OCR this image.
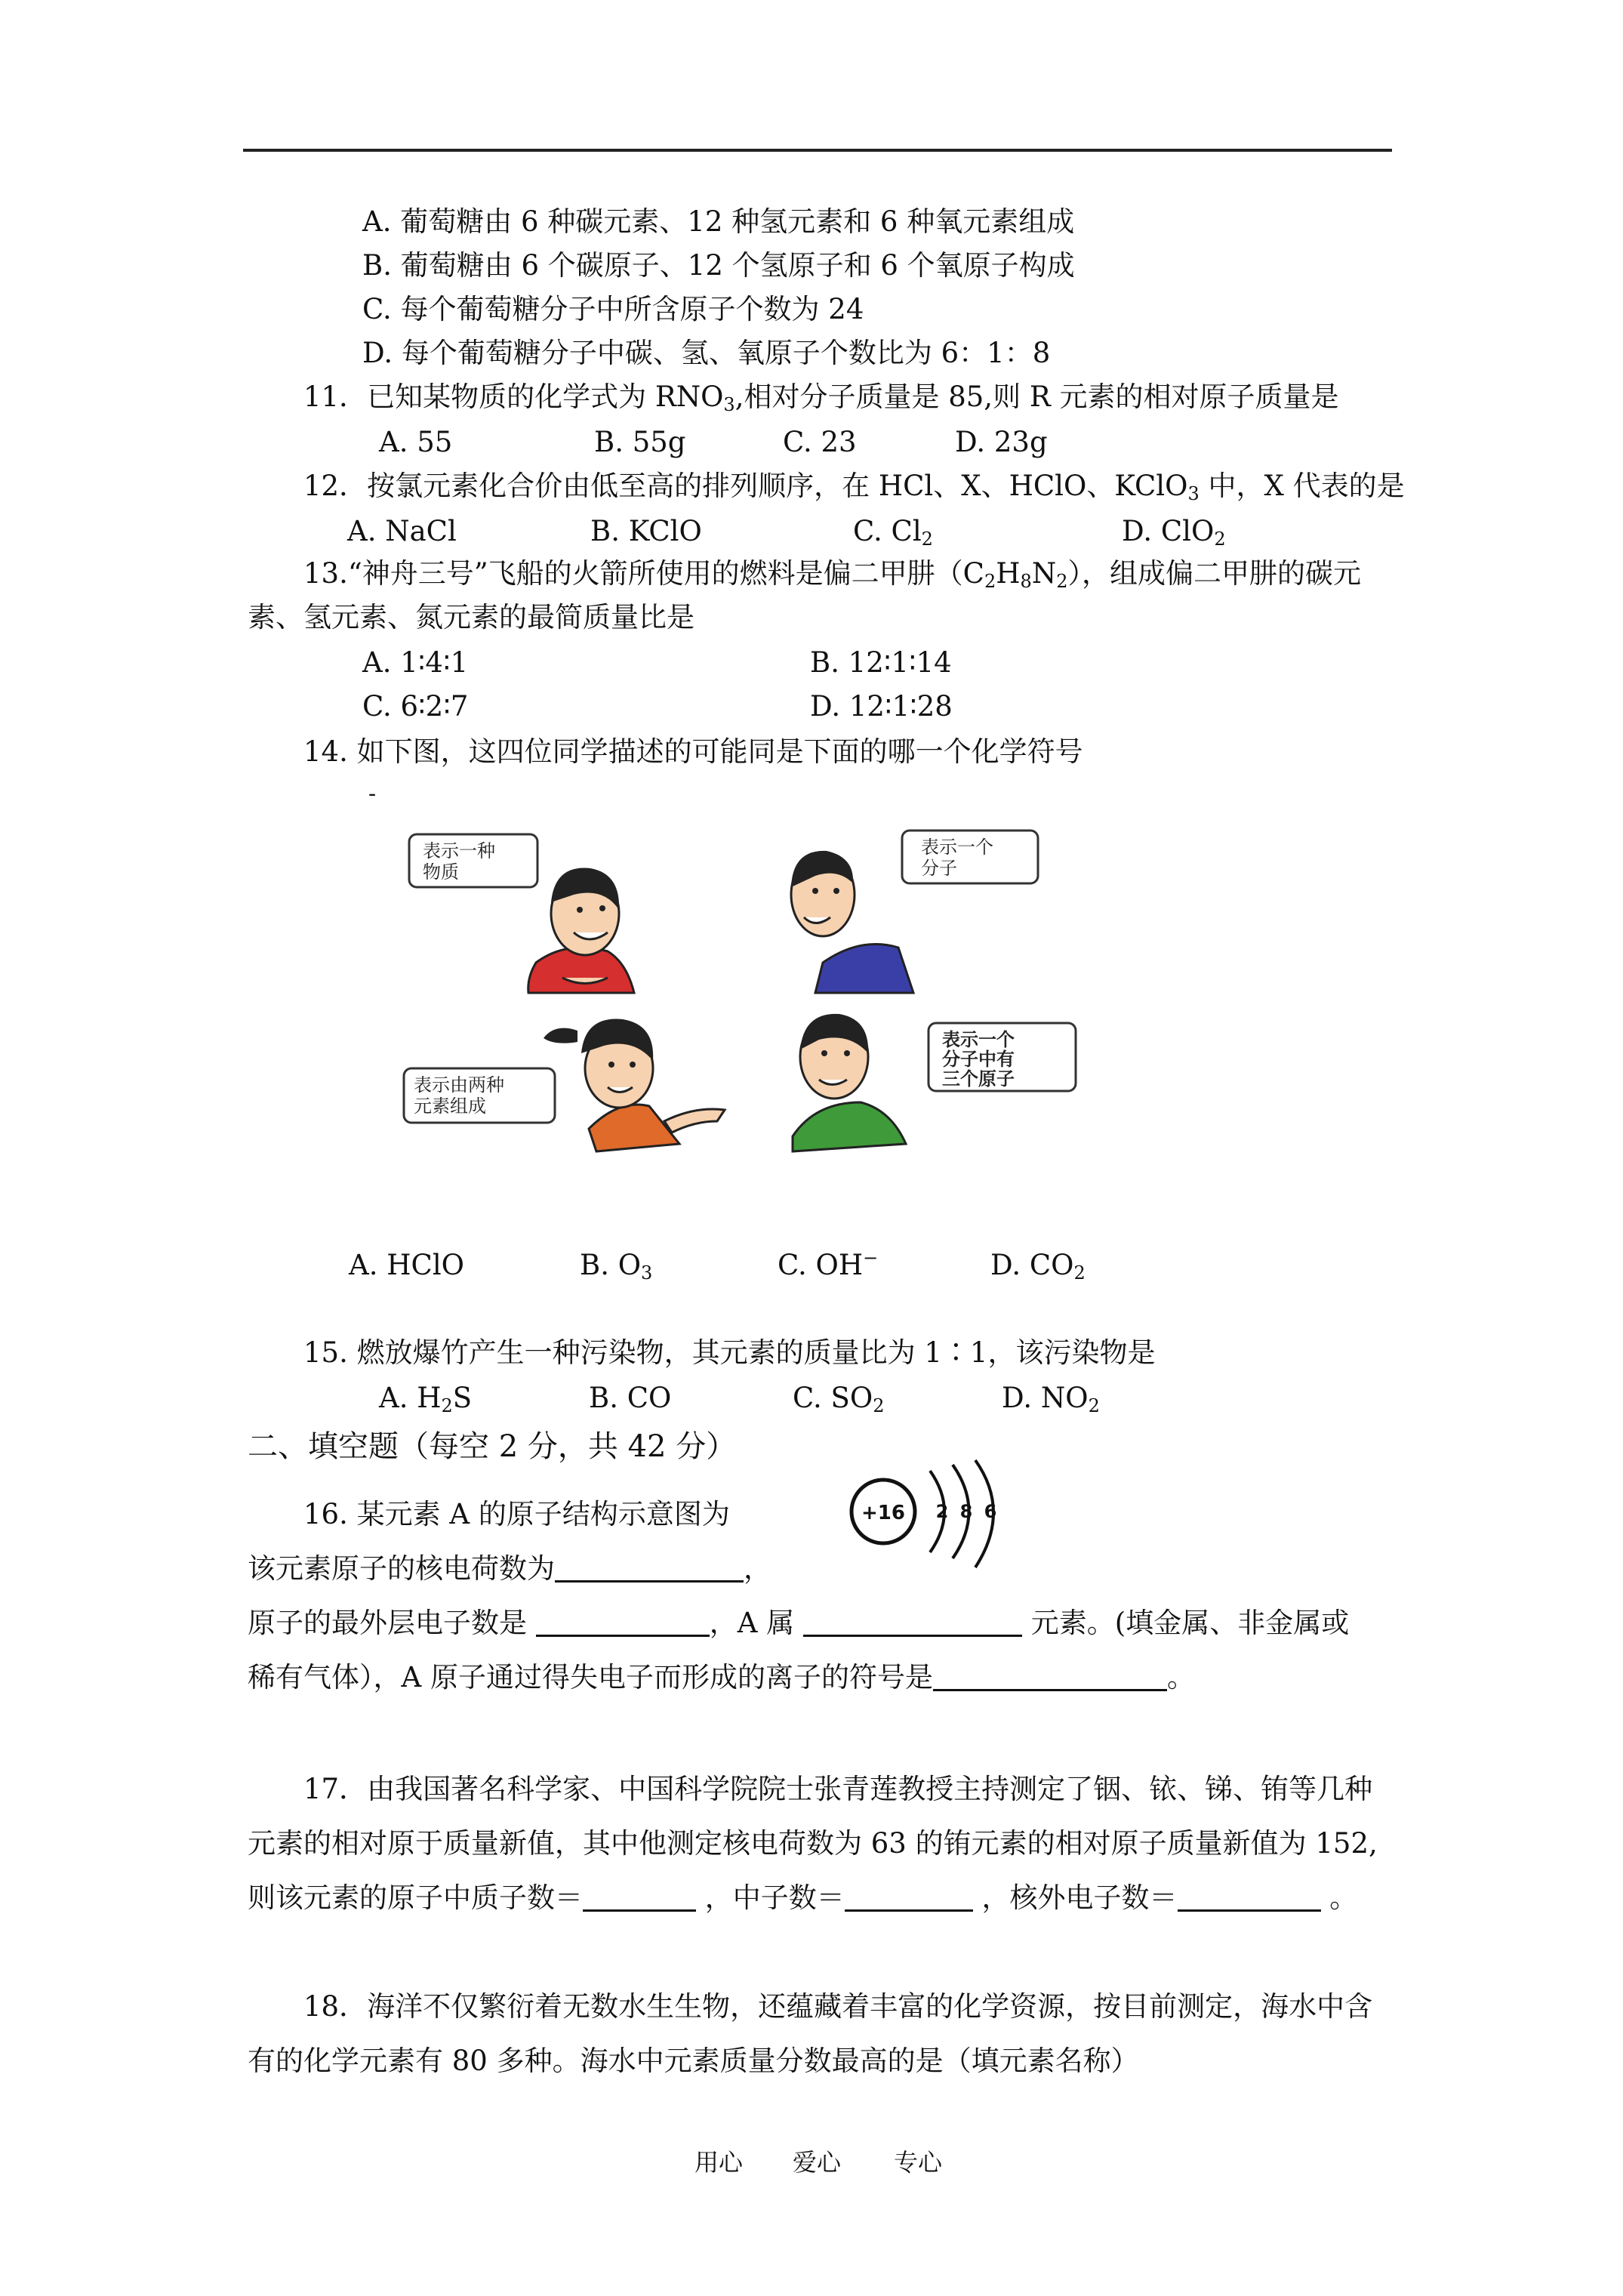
A. 葡萄糖由 6 种碳元素、12 种氢元素和 6 种氧元素组成
B. 葡萄糖由 6 个碳原子、12 个氢原子和 6 个氧原子构成
C. 每个葡萄糖分子中所含原子个数为 24
D. 每个葡萄糖分子中碳、氢、氧原子个数比为 6：1：8
11．已知某物质的化学式为 $RNO_3$,相对分子质量是 85,则 R 元素的相对原子质量是
A. 55	B. 55g	C. 23	D. 23g
12．按氯元素化合价由低至高的排列顺序，在 HCl、X、HClO、KClO$_3$ 中，X 代表的是
A. NaCl	B. KClO	C. $Cl_2$	D. ClO$_2$
13.“神舟三号”飞船的火箭所使用的燃料是偏二甲肼$(C_2H_8N_2)$，组成偏二甲肼的碳元
素、氢元素、氮元素的最简质量比是
A. 1∶4∶1	B. 12∶1∶14
C. 6∶2∶7	D. 12∶1∶28
14. 如下图，这四位同学描述的可能同是下面的哪一个化学符号
-
表示一种
物质
表示一个
分子
表示由两种
元素组成
表示一个
分子中有
三个原子
A. HClO	B. $O_3$	C. OH−	D. $CO_2$
15. 燃放爆竹产生一种污染物，其元素的质量比为 1∶1，该污染物是
A. $H_2S$	B. CO	C. $SO_2$	D. $NO_2$
二、填空题（每空 2 分，共 42 分）
16. 某元素 A 的原子结构示意图为	+16 2 8 6
该元素原子的核电荷数为	，
原子的最外层电子数是	，A 属	元素。(填金属、非金属或
稀有气体），A 原子通过得失电子而形成的离子的符号是	。
17．由我国著名科学家、中国科学院院士张青莲教授主持测定了铟、铱、锑、铕等几种
元素的相对原于质量新值，其中他测定核电荷数为 63 的铕元素的相对原子质量新值为 152,
则该元素的原子中质子数＝	，中子数＝	，核外电子数＝	。
18．海洋不仅繁衍着无数水生生物，还蕴藏着丰富的化学资源，按目前测定，海水中含
有的化学元素有 80 多种。海水中元素质量分数最高的是（填元素名称）
用心 爱心 专心
